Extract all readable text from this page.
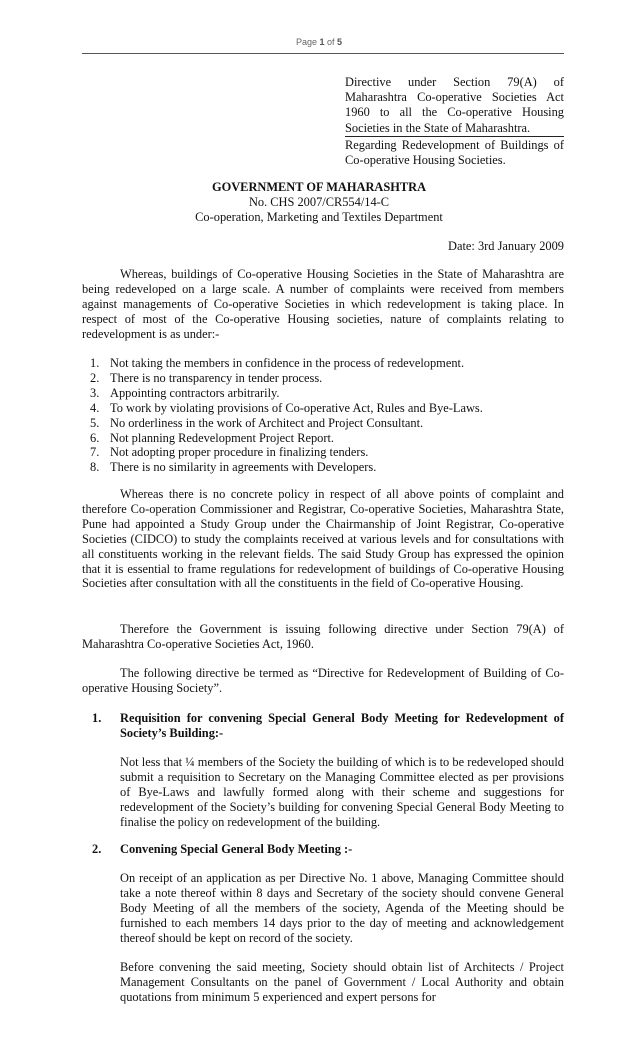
Page 1 of 5
Directive under Section 79(A) of Maharashtra Co-operative Societies Act 1960 to all the Co-operative Housing Societies in the State of Maharashtra.
Regarding Redevelopment of Buildings of Co-operative Housing Societies.
GOVERNMENT OF MAHARASHTRA
No. CHS 2007/CR554/14-C
Co-operation, Marketing and Textiles Department
Date: 3rd January 2009
Whereas, buildings of Co-operative Housing Societies in the State of Maharashtra are being redeveloped on a large scale. A number of complaints were received from members against managements of Co-operative Societies in which redevelopment is taking place. In respect of most of the Co-operative Housing societies, nature of complaints relating to redevelopment is as under:-
1. Not taking the members in confidence in the process of redevelopment.
2. There is no transparency in tender process.
3. Appointing contractors arbitrarily.
4. To work by violating provisions of Co-operative Act, Rules and Bye-Laws.
5. No orderliness in the work of Architect and Project Consultant.
6. Not planning Redevelopment Project Report.
7. Not adopting proper procedure in finalizing tenders.
8. There is no similarity in agreements with Developers.
Whereas there is no concrete policy in respect of all above points of complaint and therefore Co-operation Commissioner and Registrar, Co-operative Societies, Maharashtra State, Pune had appointed a Study Group under the Chairmanship of Joint Registrar, Co-operative Societies (CIDCO) to study the complaints received at various levels and for consultations with all constituents working in the relevant fields. The said Study Group has expressed the opinion that it is essential to frame regulations for redevelopment of buildings of Co-operative Housing Societies after consultation with all the constituents in the field of Co-operative Housing.
Therefore the Government is issuing following directive under Section 79(A) of Maharashtra Co-operative Societies Act, 1960.
The following directive be termed as “Directive for Redevelopment of Building of Co-operative Housing Society”.
1. Requisition for convening Special General Body Meeting for Redevelopment of Society’s Building:-
Not less that ¼ members of the Society the building of which is to be redeveloped should submit a requisition to Secretary on the Managing Committee elected as per provisions of Bye-Laws and lawfully formed along with their scheme and suggestions for redevelopment of the Society’s building for convening Special General Body Meeting to finalise the policy on redevelopment of the building.
2. Convening Special General Body Meeting :-
On receipt of an application as per Directive No. 1 above, Managing Committee should take a note thereof within 8 days and Secretary of the society should convene General Body Meeting of all the members of the society, Agenda of the Meeting should be furnished to each members 14 days prior to the day of meeting and acknowledgement thereof should be kept on record of the society.
Before convening the said meeting, Society should obtain list of Architects / Project Management Consultants on the panel of Government / Local Authority and obtain quotations from minimum 5 experienced and expert persons for
